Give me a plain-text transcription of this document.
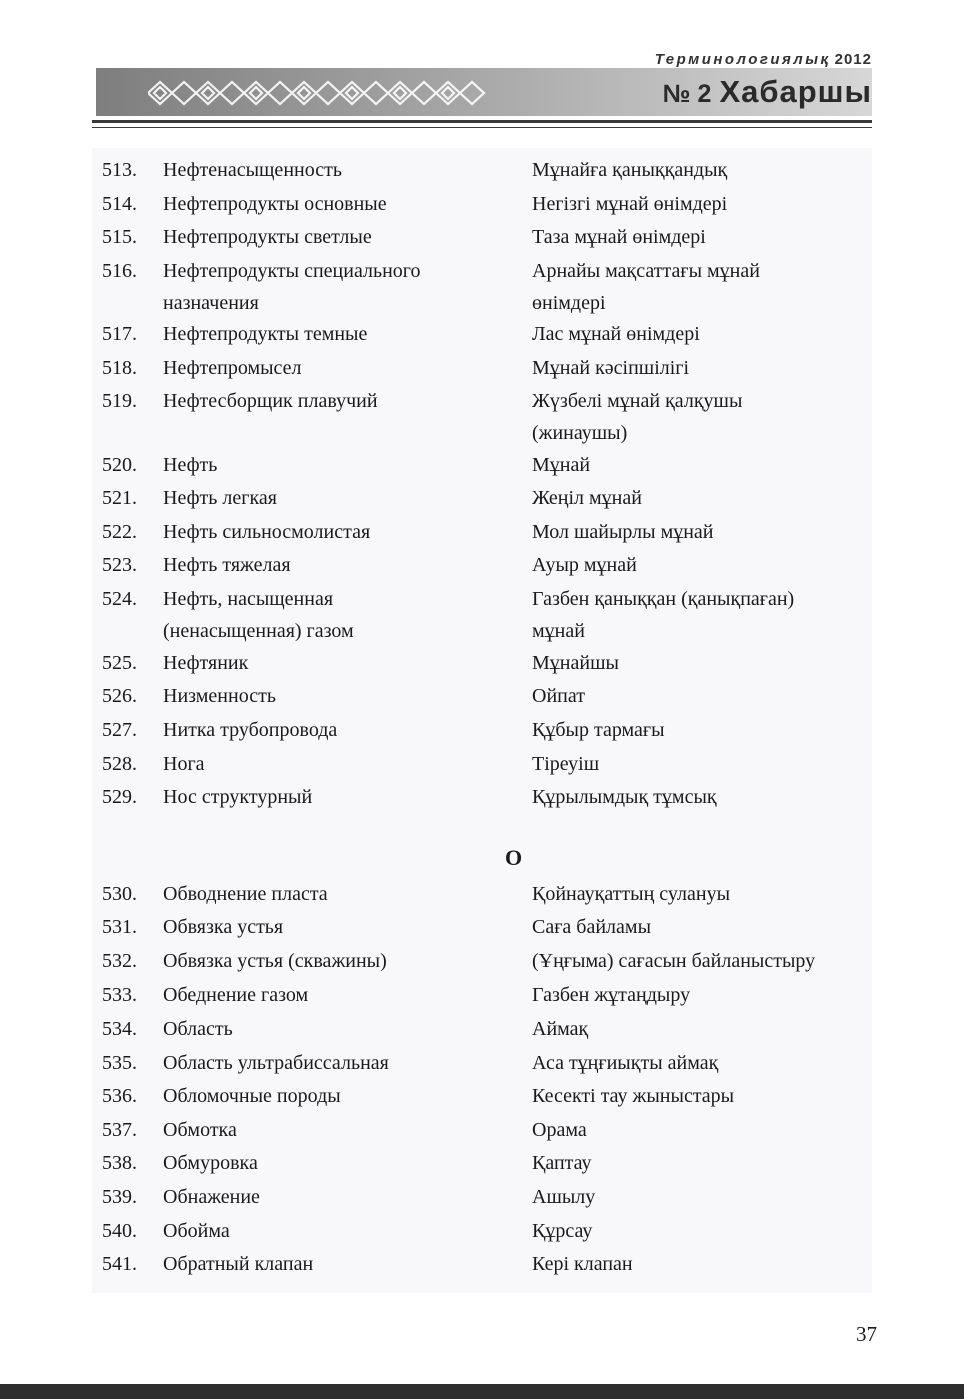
Терминологиялық 2012
№ 2 Хабаршы
513. Нефтенасыщенность	Мұнайға қаныққандық
514. Нефтепродукты основные	Негізгі мұнай өнімдері
515. Нефтепродукты светлые	Таза мұнай өнімдері
516. Нефтепродукты специального	Арнайы мақсаттағы мұнай
назначения	өнімдері
517. Нефтепродукты темные	Лас мұнай өнімдері
518. Нефтепромысел	Мұнай кәсіпшілігі
519. Нефтесборщик плавучий	Жүзбелі мұнай қалқушы
(жинаушы)
520. Нефть	Мұнай
521. Нефть легкая	Жеңіл мұнай
522. Нефть сильносмолистая	Мол шайырлы мұнай
523. Нефть тяжелая	Ауыр мұнай
524. Нефть, насыщенная	Газбен қаныққан (қанықпаған)
(ненасыщенная) газом	мұнай
525. Нефтяник	Мұнайшы
526. Низменность	Ойпат
527. Нитка трубопровода	Құбыр тармағы
528. Нога	Тіреуіш
529. Нос структурный	Құрылымдық тұмсық
530. Обводнение пласта	Қойнауқаттың сулануы
531. Обвязка устья	Саға байламы
532. Обвязка устья (скважины)	(Ұңғыма) сағасын байланыстыру
533. Обеднение газом	Газбен жұтаңдыру
534. Область	Аймақ
535. Область ультрабиссальная	Аса тұңғиықты аймақ
536. Обломочные породы	Кесекті тау жыныстары
537. Обмотка	Орама
538. Обмуровка	Қаптау
539. Обнажение	Ашылу
540. Обойма	Құрсау
541. Обратный клапан	Кері клапан
О
37
